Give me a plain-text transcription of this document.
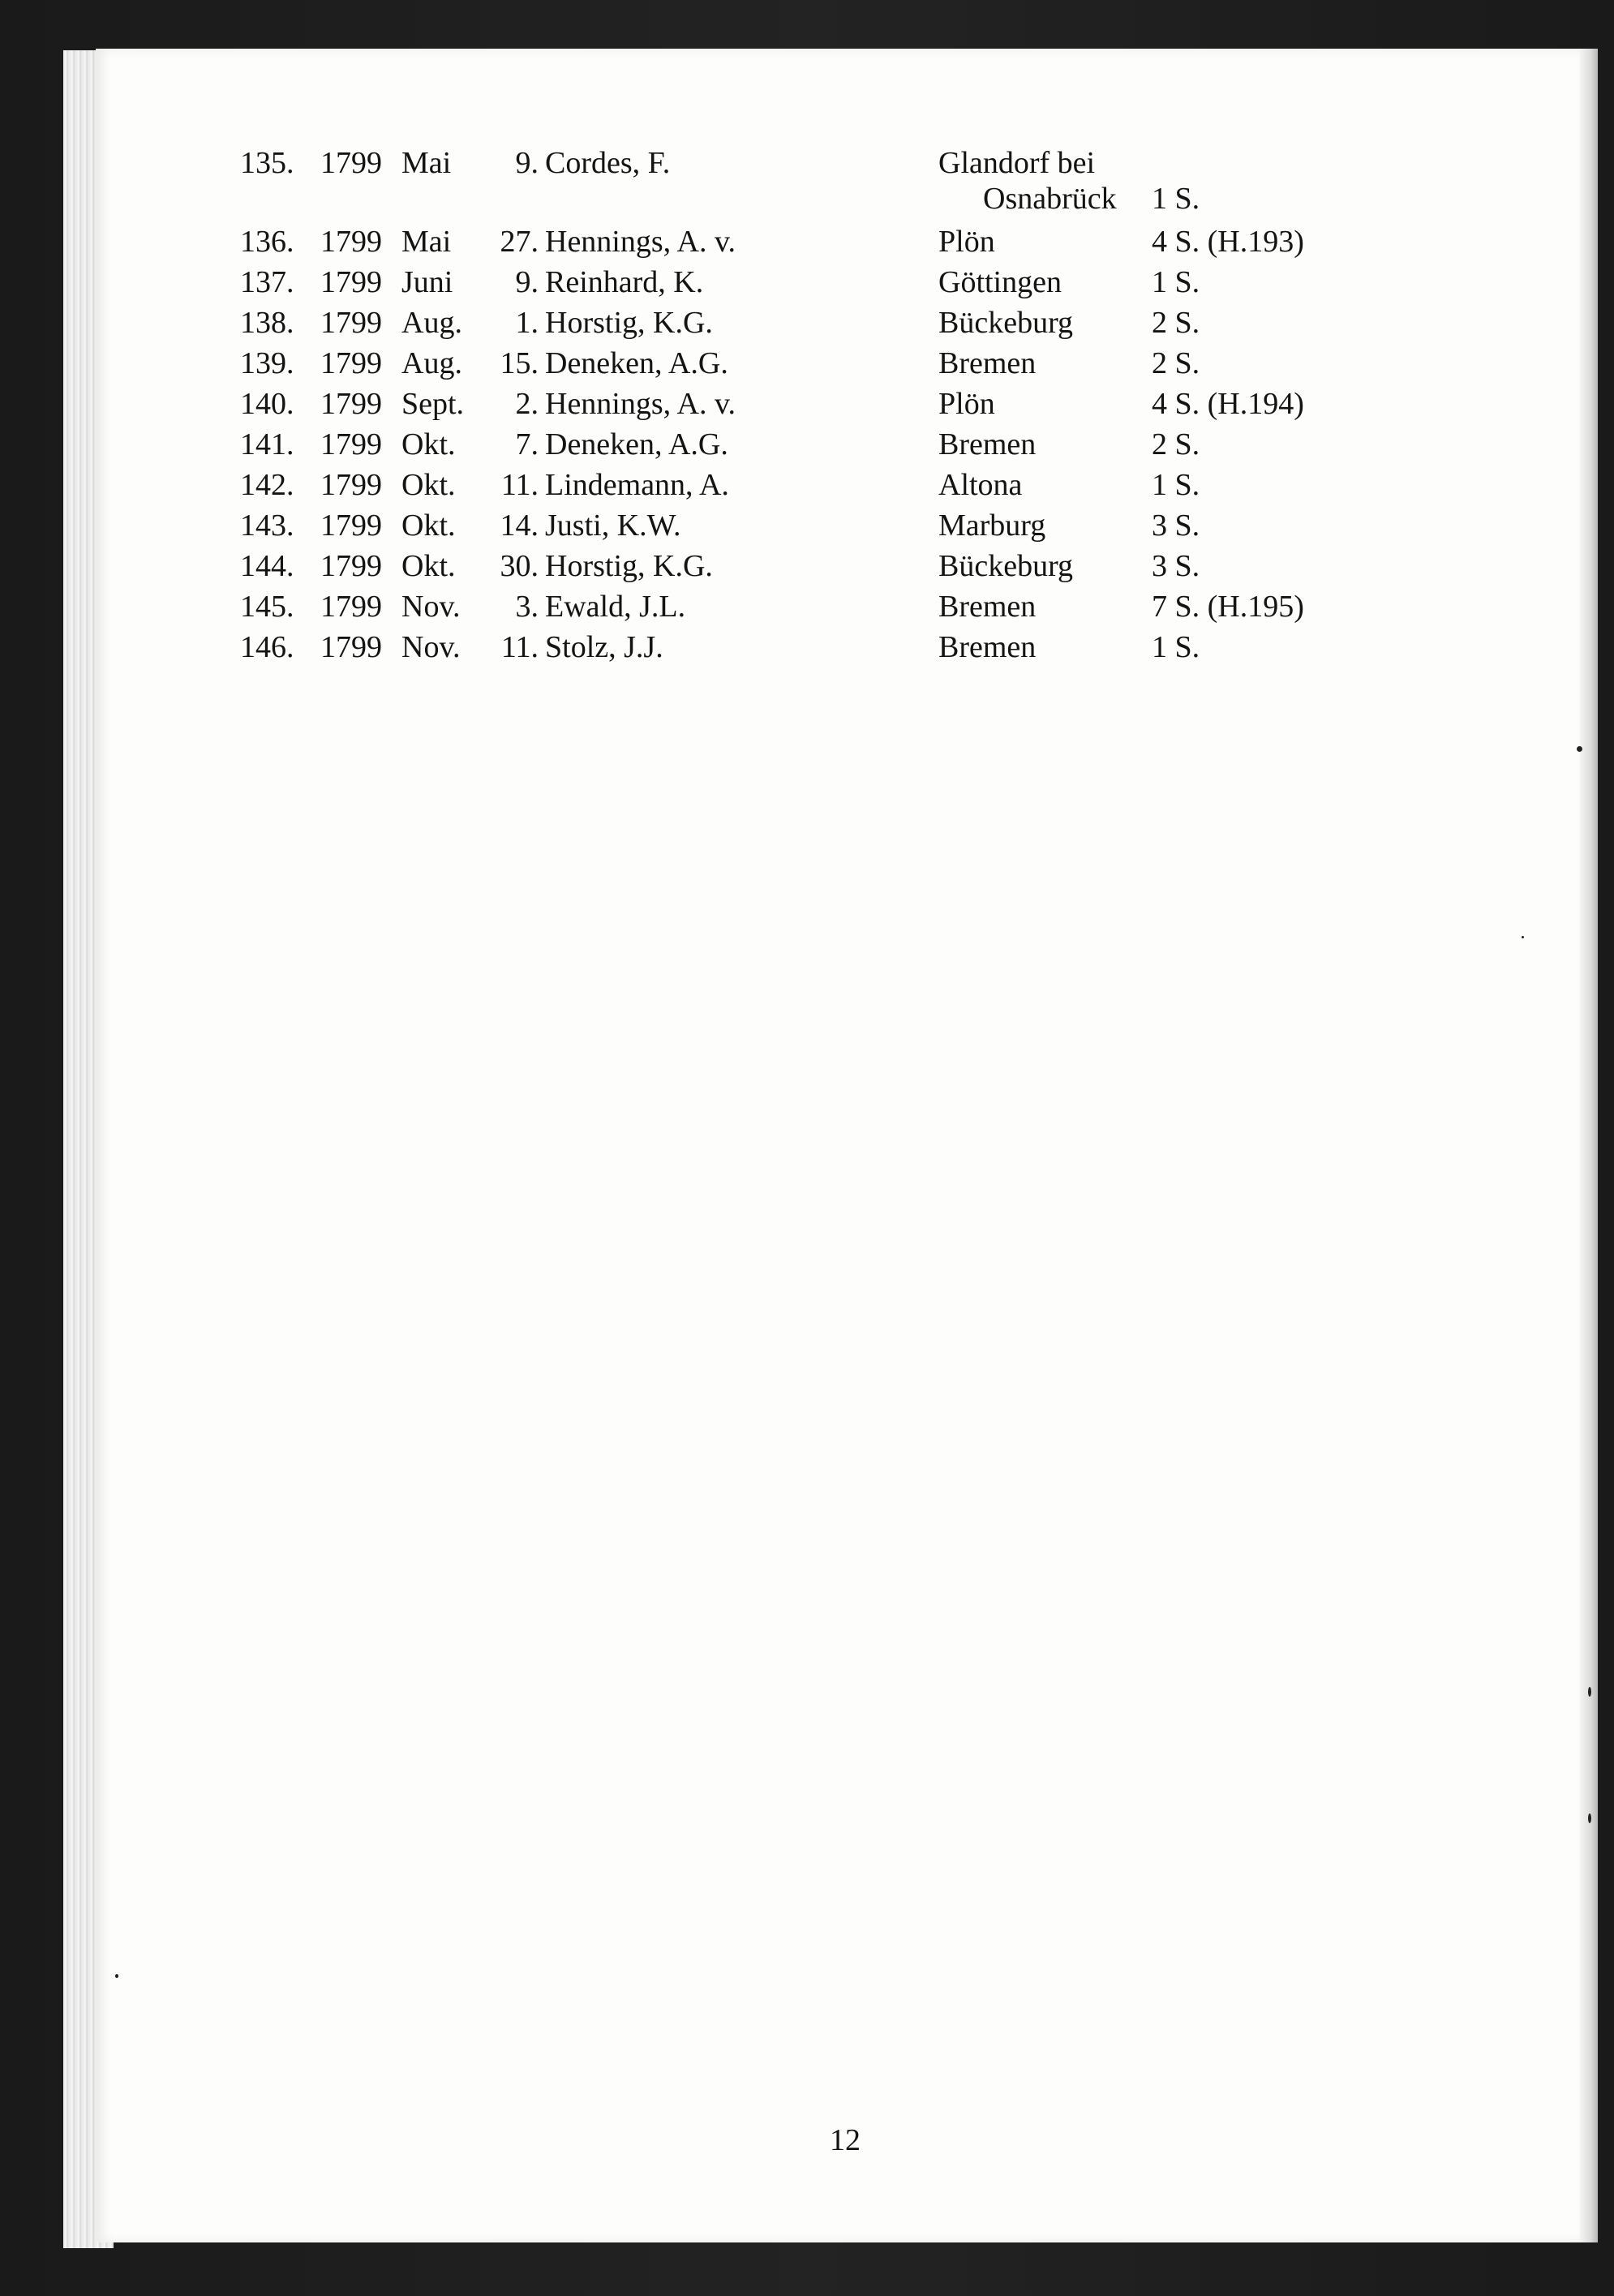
135. 1799 Mai	9. Cordes, F.	Glandorf bei
Osnabrück 1 S.
136. 1799 Mai	27. Hennings, A. v.	Plön	4 S. (H.193)
137. 1799 Juni	9. Reinhard, K.	Göttingen	1 S.
138. 1799 Aug.	1. Horstig, K.G.	Bückeburg	2 S.
139. 1799 Aug.	15. Deneken, A.G.	Bremen	2 S.
140. 1799 Sept.	2. Hennings, A. v.	Plön	4 S. (H.194)
141. 1799 Okt.	7. Deneken, A.G.	Bremen	2 S.
142. 1799 Okt.	11. Lindemann, A.	Altona	1 S.
143. 1799 Okt.	14. Justi, K.W.	Marburg	3 S.
144. 1799 Okt.	30. Horstig, K.G.	Bückeburg	3 S.
145. 1799 Nov.	3. Ewald, J.L.	Bremen	7 S. (H.195)
146. 1799 Nov.	11. Stolz, J.J.	Bremen	1 S.
12
